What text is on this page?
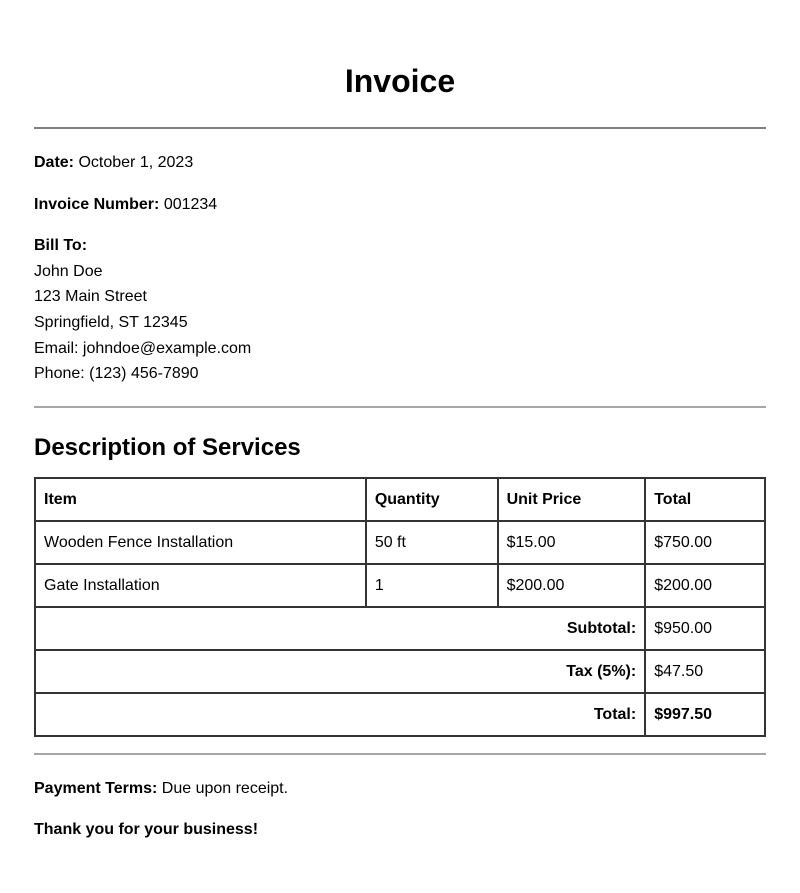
Invoice
Date: October 1, 2023
Invoice Number: 001234
Bill To:
John Doe
123 Main Street
Springfield, ST 12345
Email: johndoe@example.com
Phone: (123) 456-7890
Description of Services
Item	Quantity	Unit Price	Total
Wooden Fence Installation	50 ft	$15.00	$750.00
Gate Installation	1	$200.00	$200.00
Subtotal:			$950.00
Tax (5%):			$47.50
Total:			$997.50
Payment Terms: Due upon receipt.
Thank you for your business!
